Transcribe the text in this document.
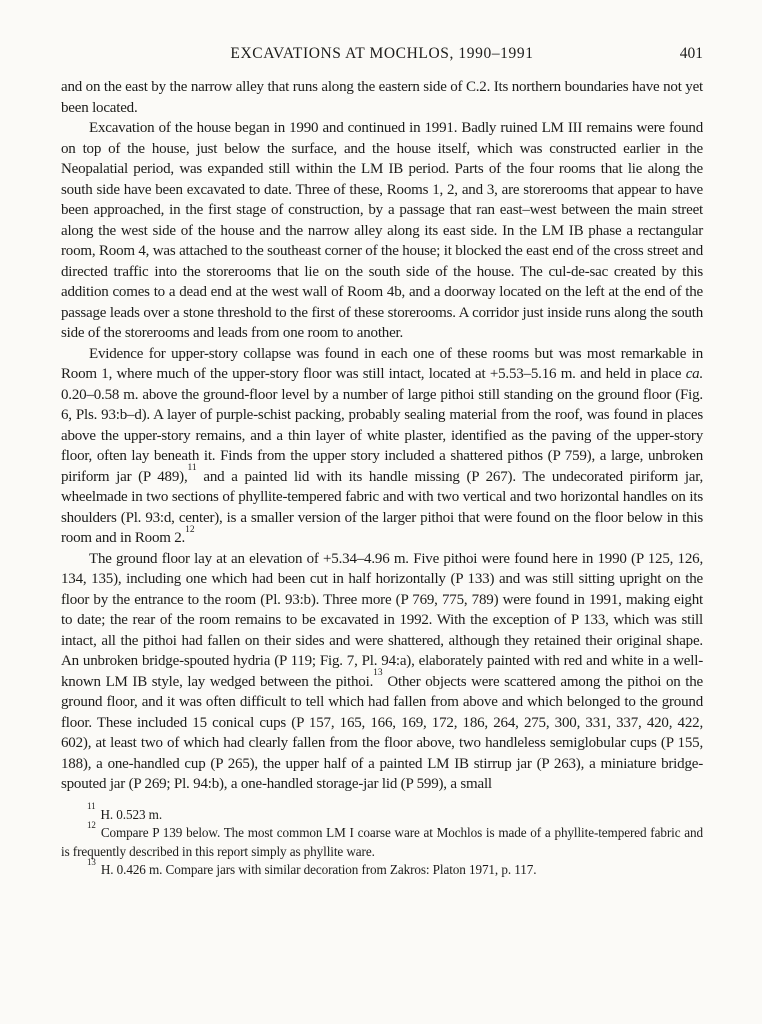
EXCAVATIONS AT MOCHLOS, 1990–1991	401

and on the east by the narrow alley that runs along the eastern side of C.2. Its northern boundaries have not yet been located.

Excavation of the house began in 1990 and continued in 1991. Badly ruined LM III remains were found on top of the house, just below the surface, and the house itself, which was constructed earlier in the Neopalatial period, was expanded still within the LM IB period. Parts of the four rooms that lie along the south side have been excavated to date. Three of these, Rooms 1, 2, and 3, are storerooms that appear to have been approached, in the first stage of construction, by a passage that ran east–west between the main street along the west side of the house and the narrow alley along its east side. In the LM IB phase a rectangular room, Room 4, was attached to the southeast corner of the house; it blocked the east end of the cross street and directed traffic into the storerooms that lie on the south side of the house. The cul-de-sac created by this addition comes to a dead end at the west wall of Room 4b, and a doorway located on the left at the end of the passage leads over a stone threshold to the first of these storerooms. A corridor just inside runs along the south side of the storerooms and leads from one room to another.

Evidence for upper-story collapse was found in each one of these rooms but was most remarkable in Room 1, where much of the upper-story floor was still intact, located at +5.53–5.16 m. and held in place ca. 0.20–0.58 m. above the ground-floor level by a number of large pithoi still standing on the ground floor (Fig. 6, Pls. 93:b–d). A layer of purple-schist packing, probably sealing material from the roof, was found in places above the upper-story remains, and a thin layer of white plaster, identified as the paving of the upper-story floor, often lay beneath it. Finds from the upper story included a shattered pithos (P 759), a large, unbroken piriform jar (P 489),$^{11}$ and a painted lid with its handle missing (P 267). The undecorated piriform jar, wheelmade in two sections of phyllite-tempered fabric and with two vertical and two horizontal handles on its shoulders (Pl. 93:d, center), is a smaller version of the larger pithoi that were found on the floor below in this room and in Room 2.12

The ground floor lay at an elevation of +5.34–4.96 m. Five pithoi were found here in 1990 (P 125, 126, 134, 135), including one which had been cut in half horizontally (P 133) and was still sitting upright on the floor by the entrance to the room (Pl. 93:b). Three more (P 769, 775, 789) were found in 1991, making eight to date; the rear of the room remains to be excavated in 1992. With the exception of P 133, which was still intact, all the pithoi had fallen on their sides and were shattered, although they retained their original shape. An unbroken bridge-spouted hydria (P 119; Fig. 7, Pl. 94:a), elaborately painted with red and white in a well-known LM IB style, lay wedged between the pithoi.$^{13}$ Other objects were scattered among the pithoi on the ground floor, and it was often difficult to tell which had fallen from above and which belonged to the ground floor. These included 15 conical cups (P 157, 165, 166, 169, 172, 186, 264, 275, 300, 331, 337, 420, 422, 602), at least two of which had clearly fallen from the floor above, two handleless semiglobular cups (P 155, 188), a one-handled cup (P 265), the upper half of a painted LM IB stirrup jar (P 263), a miniature bridge-spouted jar (P 269; Pl. 94:b), a one-handled storage-jar lid (P 599), a small

$^{11}$H. 0.523 m.

$^{12}$Compare P 139 below. The most common LM I coarse ware at Mochlos is made of a phyllite-tempered fabric and is frequently described in this report simply as phyllite ware.

$^{13}$H. 0.426 m. Compare jars with similar decoration from Zakros: Platon 1971, p. 117.
